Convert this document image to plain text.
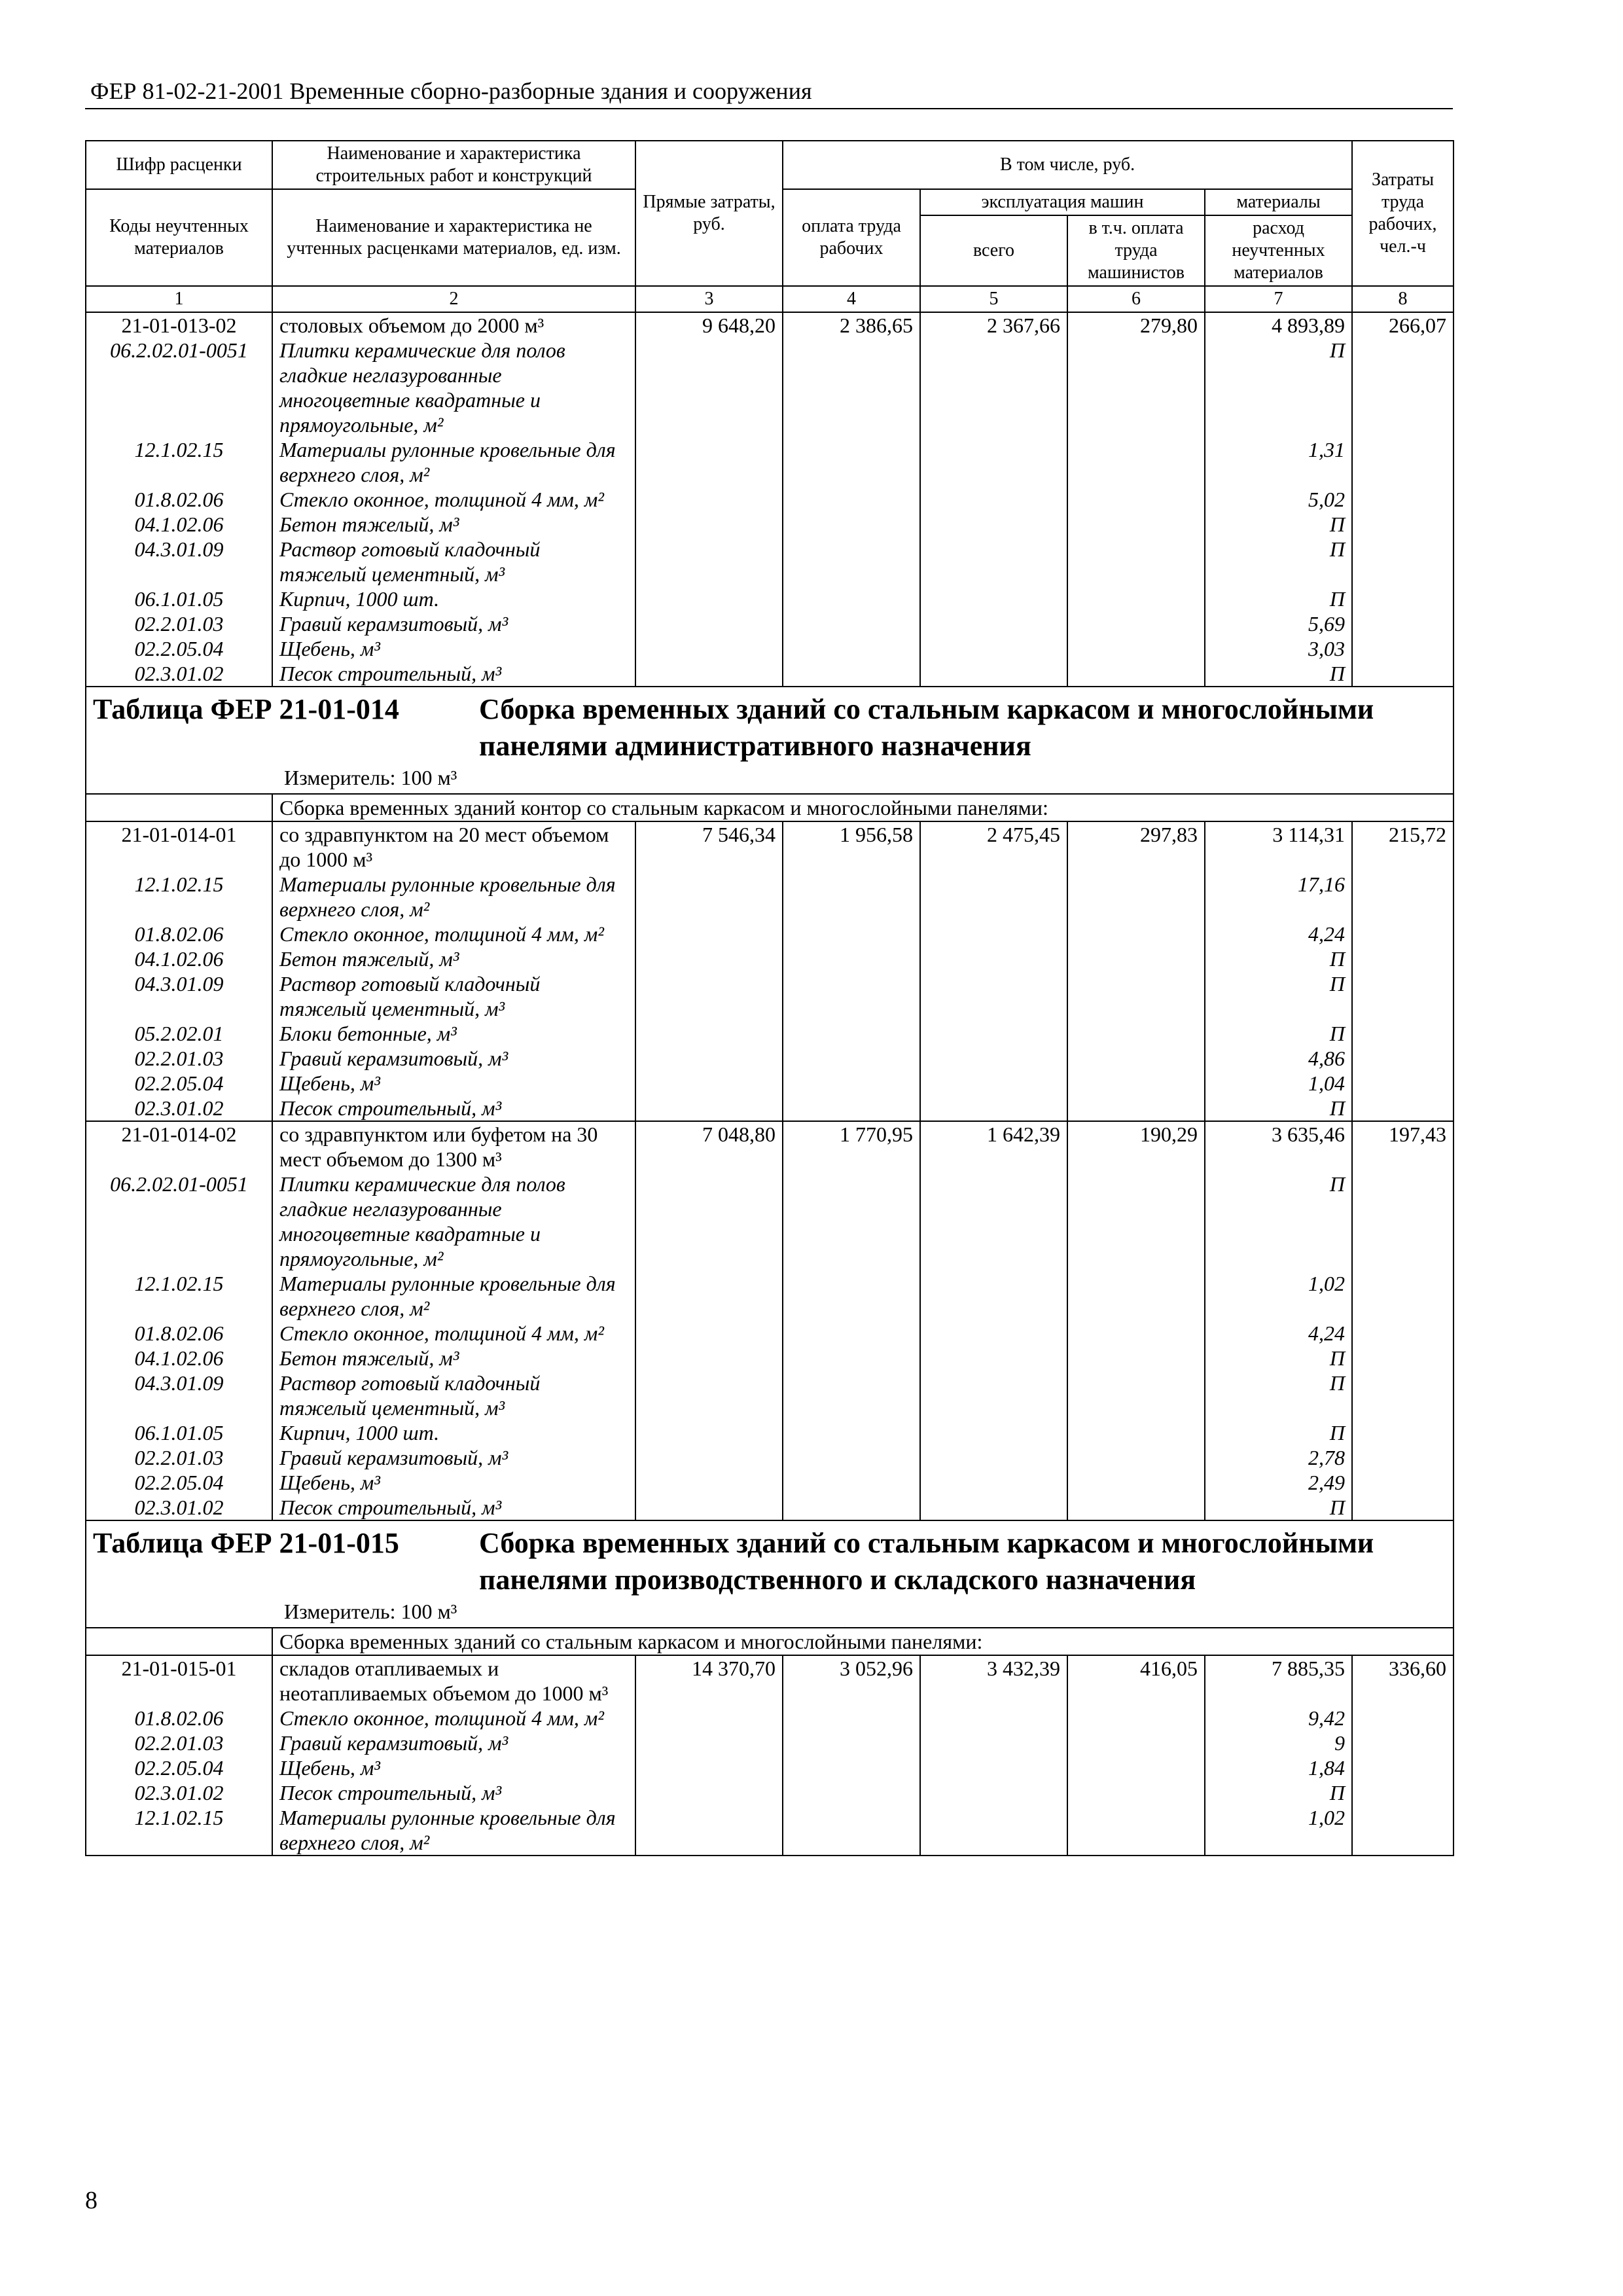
ФЕР 81-02-21-2001 Временные сборно-разборные здания и сооружения
Шифр расценки	Наименование и характеристика строительных работ и конструкций	Прямые затраты, руб.	В том числе, руб.				Затраты труда рабочих, чел.-ч
Коды неучтенных материалов	Наименование и характеристика не учтенных расценками материалов, ед. изм.		оплата труда рабочих	эксплуатация машин		материалы	
				всего	в т.ч. оплата труда машинистов	расход неучтенных материалов	
1	2	3	4	5	6	7	8
21-01-013-02	столовых объемом до 2000 м³	9 648,20	2 386,65	2 367,66	279,80	4 893,89	266,07
06.2.02.01-0051	Плитки керамические для полов гладкие неглазурованные многоцветные квадратные и прямоугольные, м²					П	
12.1.02.15	Материалы рулонные кровельные для верхнего слоя, м²					1,31	
01.8.02.06	Стекло оконное, толщиной 4 мм, м²					5,02	
04.1.02.06	Бетон тяжелый, м³					П	
04.3.01.09	Раствор готовый кладочный тяжелый цементный, м³					П	
06.1.01.05	Кирпич, 1000 шт.					П	
02.2.01.03	Гравий керамзитовый, м³					5,69	
02.2.05.04	Щебень, м³					3,03	
02.3.01.02	Песок строительный, м³					П	

Таблица ФЕР 21-01-014 Сборка временных зданий со стальным каркасом и многослойными панелями административного назначения
Измеритель: 100 м³							

	Сборка временных зданий контор со стальным каркасом и многослойными панелями:						
21-01-014-01	со здравпунктом на 20 мест объемом до 1000 м³	7 546,34	1 956,58	2 475,45	297,83	3 114,31	215,72
12.1.02.15	Материалы рулонные кровельные для верхнего слоя, м²					17,16	
01.8.02.06	Стекло оконное, толщиной 4 мм, м²					4,24	
04.1.02.06	Бетон тяжелый, м³					П	
04.3.01.09	Раствор готовый кладочный тяжелый цементный, м³					П	
05.2.02.01	Блоки бетонные, м³					П	
02.2.01.03	Гравий керамзитовый, м³					4,86	
02.2.05.04	Щебень, м³					1,04	
02.3.01.02	Песок строительный, м³					П	
21-01-014-02	со здравпунктом или буфетом на 30 мест объемом до 1300 м³	7 048,80	1 770,95	1 642,39	190,29	3 635,46	197,43
06.2.02.01-0051	Плитки керамические для полов гладкие неглазурованные многоцветные квадратные и прямоугольные, м²					П	
12.1.02.15	Материалы рулонные кровельные для верхнего слоя, м²					1,02	
01.8.02.06	Стекло оконное, толщиной 4 мм, м²					4,24	
04.1.02.06	Бетон тяжелый, м³					П	
04.3.01.09	Раствор готовый кладочный тяжелый цементный, м³					П	
06.1.01.05	Кирпич, 1000 шт.					П	
02.2.01.03	Гравий керамзитовый, м³					2,78	
02.2.05.04	Щебень, м³					2,49	
02.3.01.02	Песок строительный, м³					П	

Таблица ФЕР 21-01-015 Сборка временных зданий со стальным каркасом и многослойными панелями производственного и складского назначения
Измеритель: 100 м³							

	Сборка временных зданий со стальным каркасом и многослойными панелями:						
21-01-015-01	складов отапливаемых и неотапливаемых объемом до 1000 м³	14 370,70	3 052,96	3 432,39	416,05	7 885,35	336,60
01.8.02.06	Стекло оконное, толщиной 4 мм, м²					9,42	
02.2.01.03	Гравий керамзитовый, м³					9	
02.2.05.04	Щебень, м³					1,84	
02.3.01.02	Песок строительный, м³					П	
12.1.02.15	Материалы рулонные кровельные для верхнего слоя, м²					1,02	
8
